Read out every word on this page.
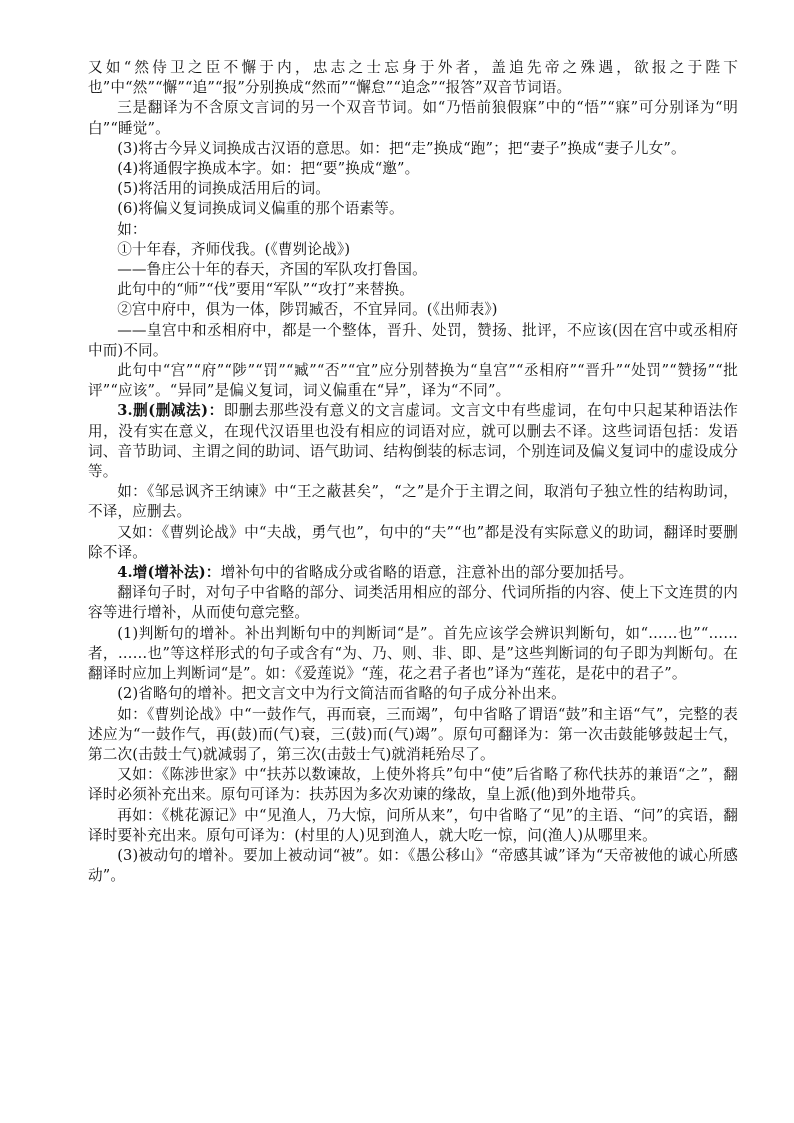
又如“然侍卫之臣不懈于内，忠志之士忘身于外者，盖追先帝之殊遇，欲报之于陛下也”中“然”“懈”“追”“报”分别换成“然而”“懈怠”“追念”“报答”双音节词语。

三是翻译为不含原文言词的另一个双音节词。如“乃悟前狼假寐”中的“悟”“寐”可分别译为“明白”“睡觉”。

(3)将古今异义词换成古汉语的意思。如：把“走”换成“跑”；把“妻子”换成“妻子儿女”。

(4)将通假字换成本字。如：把“要”换成“邀”。

(5)将活用的词换成活用后的词。

(6)将偏义复词换成词义偏重的那个语素等。

如：

①十年春，齐师伐我。(《曹刿论战》)

——鲁庄公十年的春天，齐国的军队攻打鲁国。

此句中的“师”“伐”要用“军队”“攻打”来替换。

②宫中府中，俱为一体，陟罚臧否，不宜异同。(《出师表》)

——皇宫中和丞相府中，都是一个整体，晋升、处罚，赞扬、批评，不应该(因在宫中或丞相府中而)不同。

此句中“宫”“府”“陟”“罚”“臧”“否”“宜”应分别替换为“皇宫”“丞相府”“晋升”“处罚”“赞扬”“批评”“应该”。“异同”是偏义复词，词义偏重在“异”，译为“不同”。

3.删(删减法)：即删去那些没有意义的文言虚词。文言文中有些虚词，在句中只起某种语法作用，没有实在意义，在现代汉语里也没有相应的词语对应，就可以删去不译。这些词语包括：发语词、音节助词、主谓之间的助词、语气助词、结构倒装的标志词，个别连词及偏义复词中的虚设成分等。

如：《邹忌讽齐王纳谏》中“王之蔽甚矣”，“之”是介于主谓之间，取消句子独立性的结构助词，不译，应删去。

又如：《曹刿论战》中“夫战，勇气也”，句中的“夫”“也”都是没有实际意义的助词，翻译时要删除不译。

4.增(增补法)：增补句中的省略成分或省略的语意，注意补出的部分要加括号。

翻译句子时，对句子中省略的部分、词类活用相应的部分、代词所指的内容、使上下文连贯的内容等进行增补，从而使句意完整。

(1)判断句的增补。补出判断句中的判断词“是”。首先应该学会辨识判断句，如“……也”“……者，……也”等这样形式的句子或含有“为、乃、则、非、即、是”这些判断词的句子即为判断句。在翻译时应加上判断词“是”。如：《爱莲说》“莲，花之君子者也”译为“莲花，是花中的君子”。

(2)省略句的增补。把文言文中为行文简洁而省略的句子成分补出来。

如：《曹刿论战》中“一鼓作气，再而衰，三而竭”，句中省略了谓语“鼓”和主语“气”，完整的表述应为“一鼓作气，再(鼓)而(气)衰，三(鼓)而(气)竭”。原句可翻译为：第一次击鼓能够鼓起士气，第二次(击鼓士气)就减弱了，第三次(击鼓士气)就消耗殆尽了。

又如：《陈涉世家》中“扶苏以数谏故，上使外将兵”句中“使”后省略了称代扶苏的兼语“之”，翻译时必须补充出来。原句可译为：扶苏因为多次劝谏的缘故，皇上派(他)到外地带兵。

再如：《桃花源记》中“见渔人，乃大惊，问所从来”，句中省略了“见”的主语、“问”的宾语，翻译时要补充出来。原句可译为：(村里的人)见到渔人，就大吃一惊，问(渔人)从哪里来。

(3)被动句的增补。要加上被动词“被”。如：《愚公移山》“帝感其诚”译为“天帝被他的诚心所感动”。
